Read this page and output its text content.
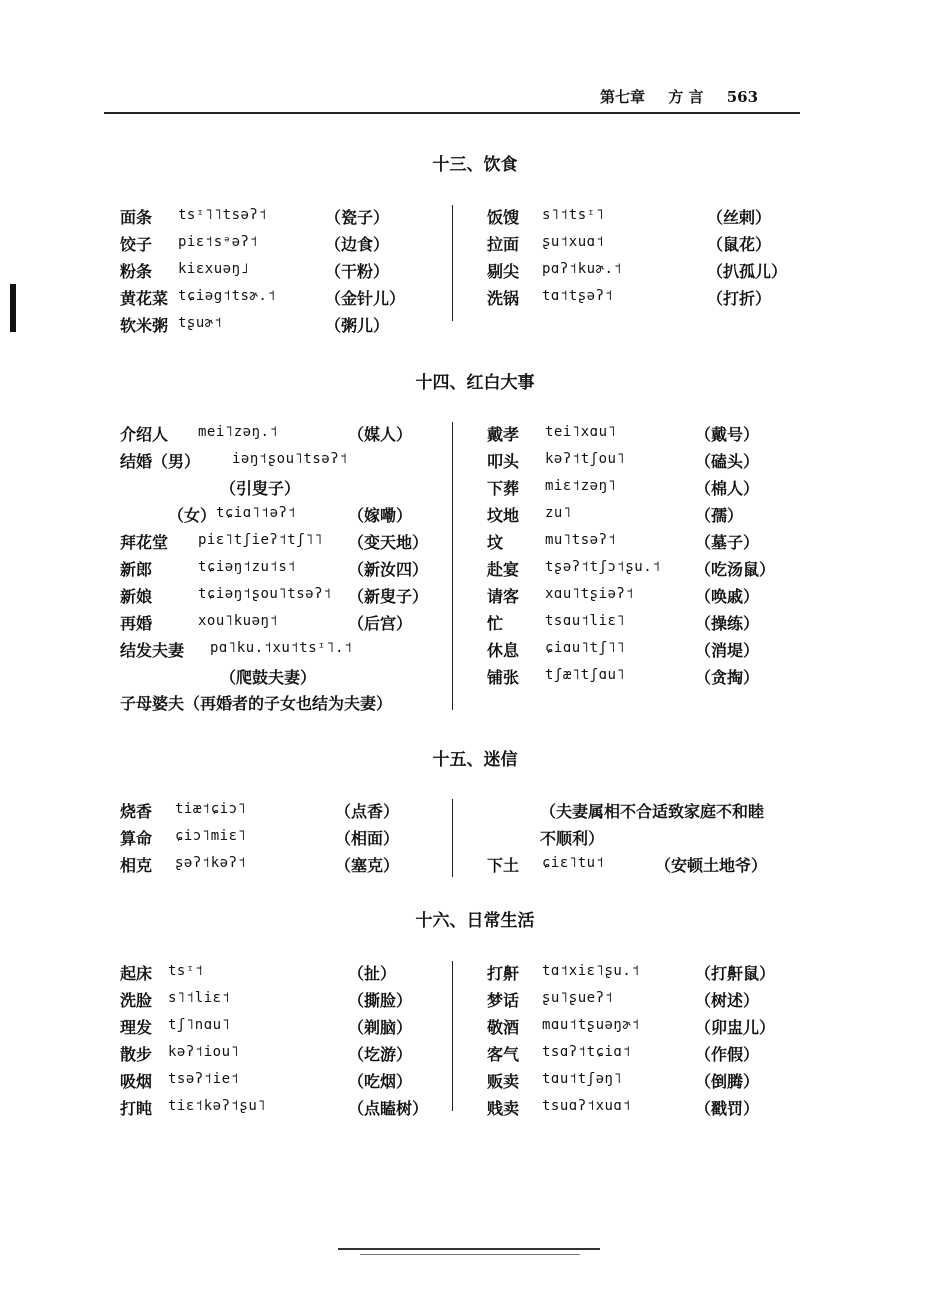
第七章 方 言 563
十三、饮食
面条 tsᶦ˥˥tsəʔ˦	（瓷子）
饺子 piɛ˦sᵊəʔ˦	（边食）
粉条 kiɛxuəŋ˩	（干粉）
黄花菜 tɕiəg˦tsɚ.˦	（金针儿）
软米粥 tʂuɚ˦	（粥儿）
饭馊 s˥˦tsᶦ˥	（丝剌）
拉面 ʂu˦xuɑ˦	（鼠花）
剔尖 pɑʔ˦kuɚ.˦	（扒孤儿）
洗锅 tɑ˦tʂəʔ˦	（打折）
十四、红白大事
介绍人 mei˥zəŋ.˦	（媒人）
结婚（男） iəŋ˦ʂou˥tsəʔ˦
（引叟子）
（女） tɕiɑ˥˦əʔ˦	（嫁嘞）
拜花堂 piɛ˥tʃieʔ˦tʃ˥˥ （变天地）
新郎	tɕiəŋ˦zu˦s˦	（新汝四）
新娘	tɕiəŋ˦ʂou˥tsəʔ˦ （新叟子）
再婚	xou˥kuəŋ˦	（后宫）
结发夫妻 pɑ˥ku.˦xu˦tsᶦ˥.˦
（爬鼓夫妻）
子母婆夫（再婚者的子女也结为夫妻）
戴孝 tei˥xɑu˥	（戴号）
叩头 kəʔ˦tʃou˥	（磕头）
下葬 miɛ˦zəŋ˥	（棉人）
坟地 zu˥	（孺）
坟	mu˥tsəʔ˦	（墓子）
赴宴 tʂəʔ˦tʃɔ˦ʂu.˦ （吃汤鼠）
请客 xɑu˥tʂiəʔ˦	（唤戚）
忙	tsɑu˦liɛ˥	（操练）
休息 ɕiɑu˥tʃ˥˥	（消堤）
铺张 tʃæ˥tʃɑu˥	（贪掏）
十五、迷信
烧香 tiæ˦ɕiɔ˥	（点香）
算命 ɕiɔ˥miɛ˥	（相面）
相克 ʂəʔ˦kəʔ˦	（塞克）
（夫妻属相不合适致家庭不和睦
不顺利）
下土 ɕiɛ˥tu˦	（安顿土地爷）
十六、日常生活
起床 tsᶦ˦	（扯）
洗脸 s˥˦liɛ˦	（撕脸）
理发 tʃ˥nɑu˥	（剃脑）
散步 kəʔ˦iou˥	（圪游）
吸烟 tsəʔ˦ie˦	（吃烟）
打盹 tiɛ˦kəʔ˦ʂu˥	（点瞌树）
打鼾 tɑ˦xiɛ˥ʂu.˦	（打鼾鼠）
梦话 ʂu˥ʂueʔ˦	（树述）
敬酒 mɑu˦tʂuəŋɚ˦	（卯盅儿）
客气 tsɑʔ˦tɕiɑ˦	（作假）
贩卖 tɑu˦tʃəŋ˥	（倒腾）
贱卖 tsuɑʔ˦xuɑ˦	（戳罚）
